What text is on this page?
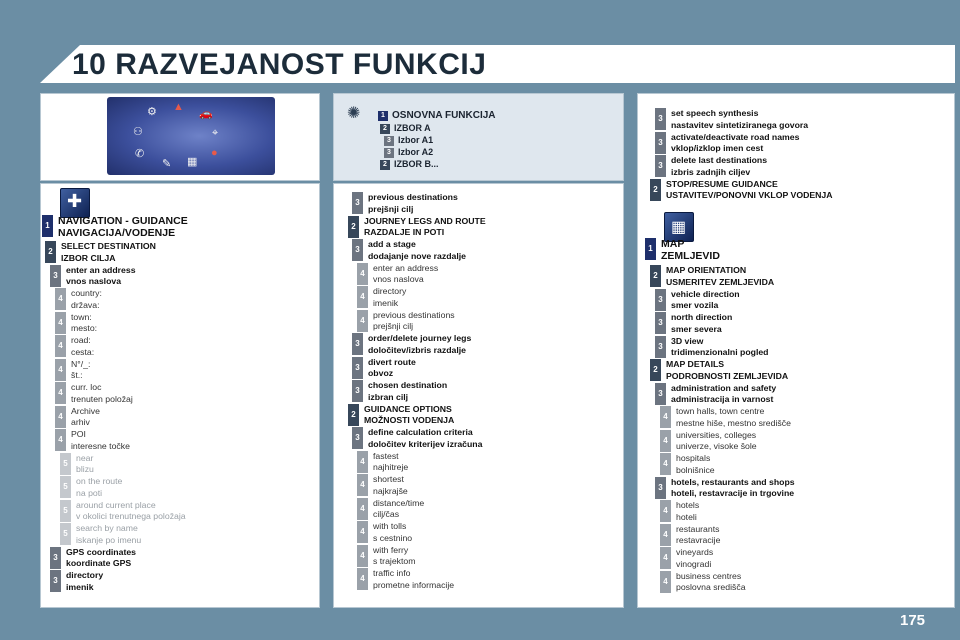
10 RAZVEJANOST FUNKCIJ
⚙ ▲
🚗
⚇	⌖
✆
✎ ▦
●
✺	1 OSNOVNA FUNKCIJA
2 IZBOR A
3 Izbor A1
3 Izbor A2
2 IZBOR B...
✚
▦
1 NAVIGATION - GUIDANCE
NAVIGACIJA/VODENJE
2
SELECT DESTINATION
IZBOR CILJA
3
enter an address
vnos naslova
4
country:
država:
4
town:
mesto:
4
road:
cesta:
4
N°/_:
št.:
4
curr. loc
trenuten položaj
4
Archive
arhiv
4
POI
interesne točke
5
near
blizu
5
on the route
na poti
5
around current place
v okolici trenutnega položaja
5
search by name
iskanje po imenu
3
GPS coordinates
koordinate GPS
3
directory
imenik
3
previous destinations
prejšnji cilj
2
JOURNEY LEGS AND ROUTE
RAZDALJE IN POTI
3
add a stage
dodajanje nove razdalje
4
enter an address
vnos naslova
4
directory
imenik
4
previous destinations
prejšnji cilj
3
order/delete journey legs
določitev/izbris razdalje
3
divert route
obvoz
3
chosen destination
izbran cilj
2
GUIDANCE OPTIONS
MOŽNOSTI VODENJA
3
define calculation criteria
določitev kriterijev izračuna
4
fastest
najhitreje
4
shortest
najkrajše
4
distance/time
cilj/čas
4
with tolls
s cestnino
4
with ferry
s trajektom
4
traffic info
prometne informacije
3
set speech synthesis
nastavitev sintetiziranega govora
3
activate/deactivate road names
vklop/izklop imen cest
3
delete last destinations
izbris zadnjih ciljev
2
STOP/RESUME GUIDANCE
USTAVITEV/PONOVNI VKLOP VODENJA
1 MAP
ZEMLJEVID
2
MAP ORIENTATION
USMERITEV ZEMLJEVIDA
3
vehicle direction
smer vozila
3
north direction
smer severa
3
3D view
tridimenzionalni pogled
2
MAP DETAILS
PODROBNOSTI ZEMLJEVIDA
3
administration and safety
administracija in varnost
4
town halls, town centre
mestne hiše, mestno središče
4
universities, colleges
univerze, visoke šole
4
hospitals
bolnišnice
3
hotels, restaurants and shops
hoteli, restavracije in trgovine
4
hotels
hoteli
4
restaurants
restavracije
4
vineyards
vinogradi
4
business centres
poslovna središča
175
